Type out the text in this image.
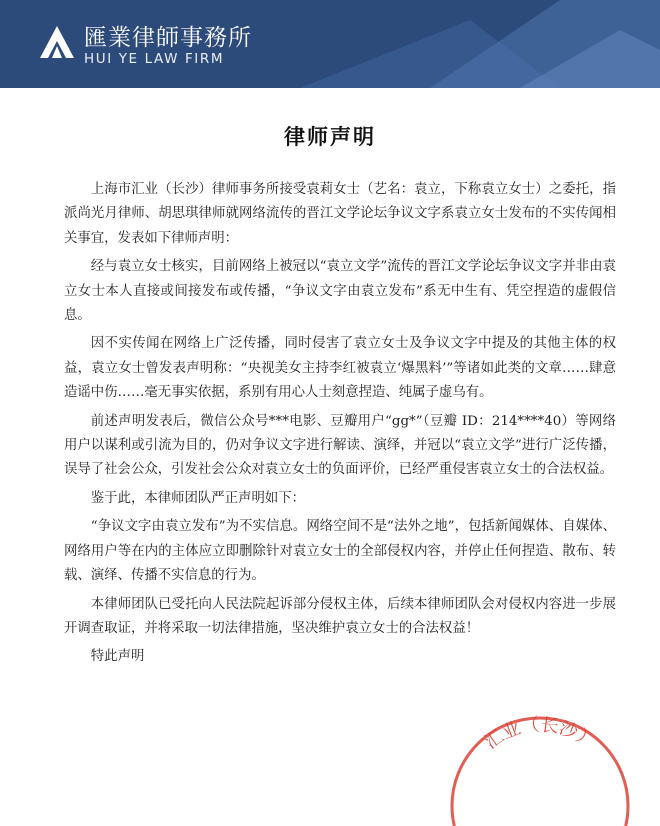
匯業律師事務所
HUI YE LAW FIRM
律师声明

上海市汇业（长沙）律师事务所接受袁莉女士（艺名：袁立，下称袁立女士）之委托，指派尚光月律师、胡思琪律师就网络流传的晋江文学论坛争议文字系袁立女士发布的不实传闻相关事宜，发表如下律师声明：

经与袁立女士核实，目前网络上被冠以“袁立文学”流传的晋江文学论坛争议文字并非由袁立女士本人直接或间接发布或传播，“争议文字由袁立发布”系无中生有、凭空捏造的虚假信息。

因不实传闻在网络上广泛传播，同时侵害了袁立女士及争议文字中提及的其他主体的权益，袁立女士曾发表声明称：“央视美女主持李红被袁立‘爆黑料’”等诸如此类的文章……肆意造谣中伤……毫无事实依据，系别有用心人士刻意捏造、纯属子虚乌有。

前述声明发表后，微信公众号***电影、豆瓣用户“gg*”（豆瓣 ID：214****40）等网络用户以谋利或引流为目的，仍对争议文字进行解读、演绎，并冠以“袁立文学”进行广泛传播，误导了社会公众，引发社会公众对袁立女士的负面评价，已经严重侵害袁立女士的合法权益。

鉴于此，本律师团队严正声明如下：

“争议文字由袁立发布”为不实信息。网络空间不是“法外之地”，包括新闻媒体、自媒体、网络用户等在内的主体应立即删除针对袁立女士的全部侵权内容，并停止任何捏造、散布、转载、演绎、传播不实信息的行为。

本律师团队已受托向人民法院起诉部分侵权主体，后续本律师团队会对侵权内容进一步展开调查取证，并将采取一切法律措施，坚决维护袁立女士的合法权益！

特此声明

汇业（长沙）
